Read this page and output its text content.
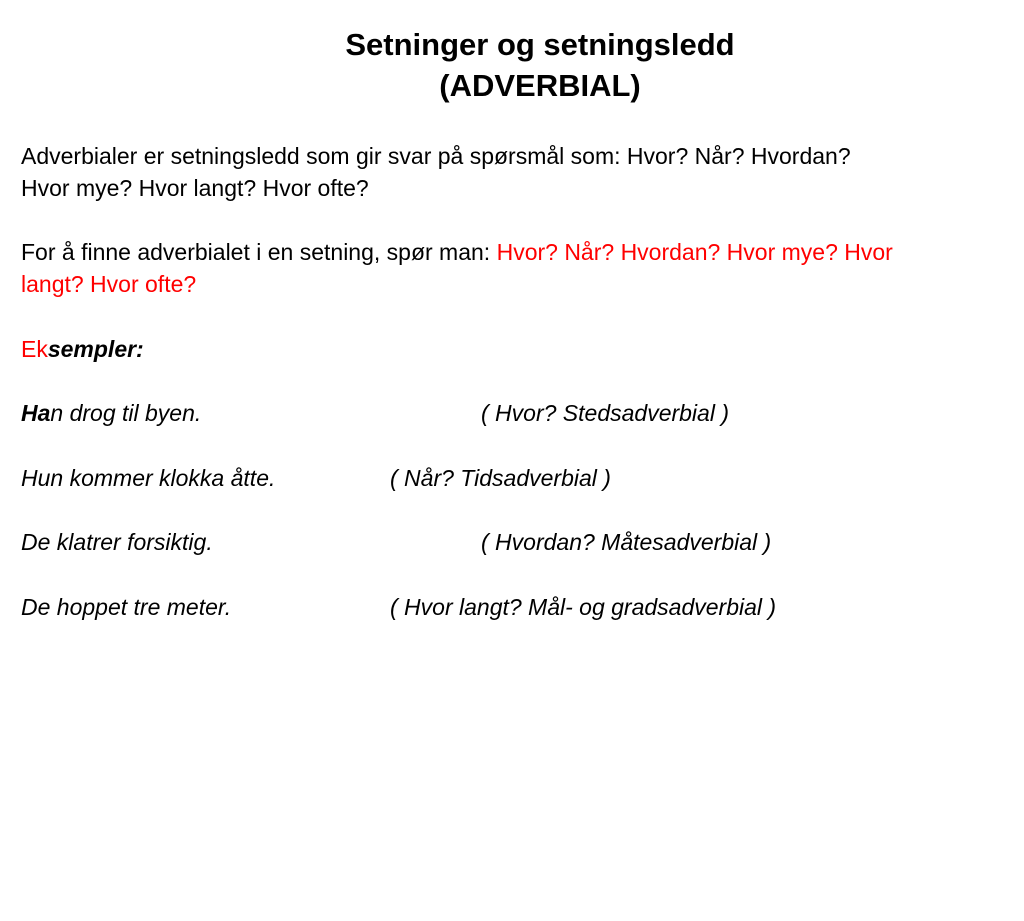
Setninger og setningsledd
(ADVERBIAL)

Adverbialer er setningsledd som gir svar på spørsmål som: Hvor? Når? Hvordan?
Hvor mye? Hvor langt? Hvor ofte?

For å finne adverbialet i en setning, spør man: Hvor? Når? Hvordan? Hvor mye? Hvor
langt? Hvor ofte?

Eksempler:

Han drog til byen.	( Hvor? Stedsadverbial )

Hun kommer klokka åtte.	( Når? Tidsadverbial )

De klatrer forsiktig.	( Hvordan? Måtesadverbial )

De hoppet tre meter.	( Hvor langt? Mål- og gradsadverbial )
